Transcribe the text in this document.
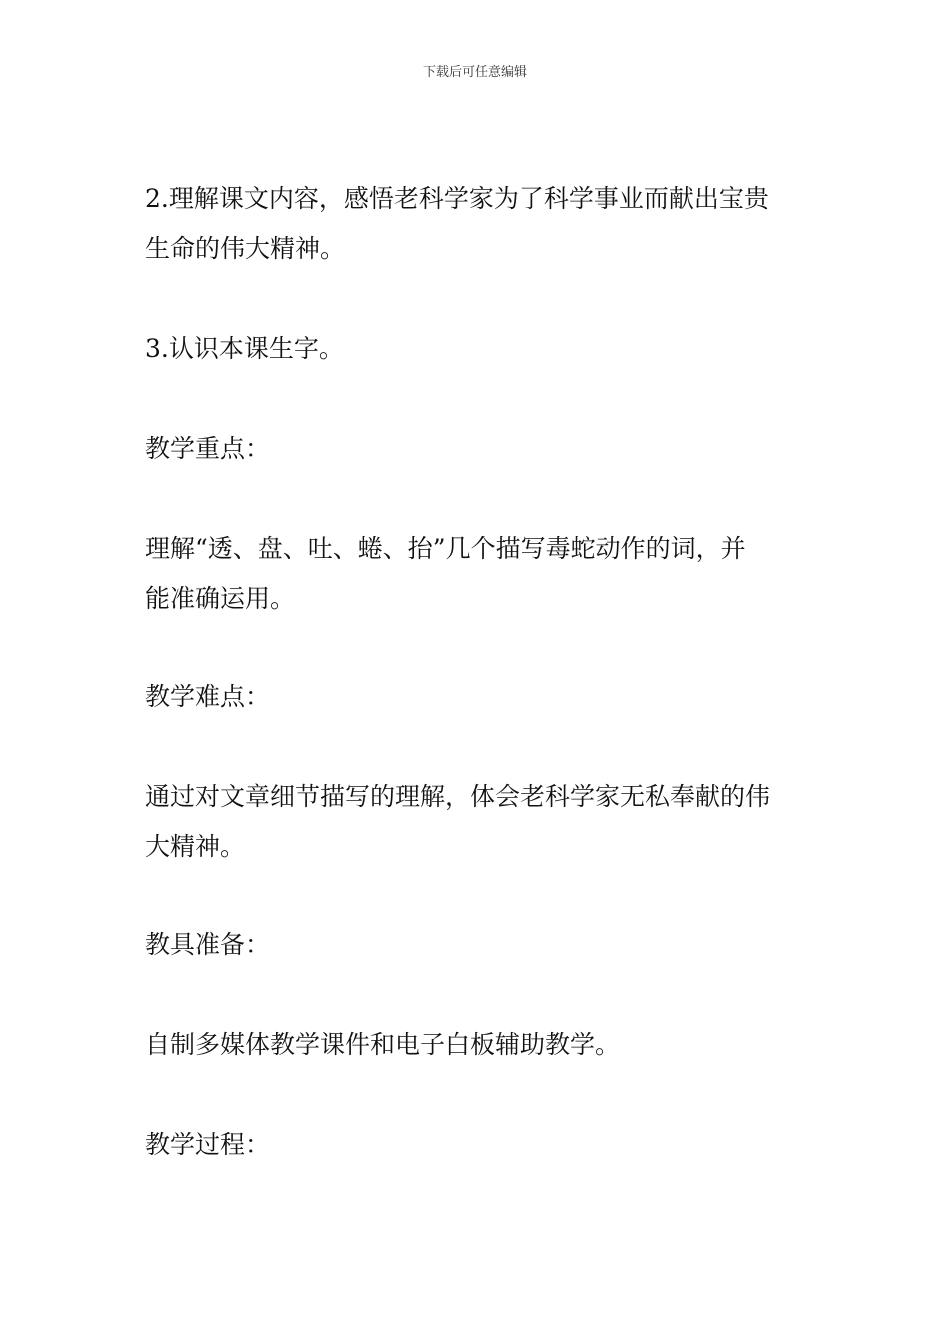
下载后可任意编辑

2.理解课文内容，感悟老科学家为了科学事业而献出宝贵
生命的伟大精神。

3.认识本课生字。

教学重点：

理解“透、盘、吐、蜷、抬”几个描写毒蛇动作的词，并
能准确运用。

教学难点：

通过对文章细节描写的理解，体会老科学家无私奉献的伟
大精神。

教具准备：

自制多媒体教学课件和电子白板辅助教学。

教学过程：
